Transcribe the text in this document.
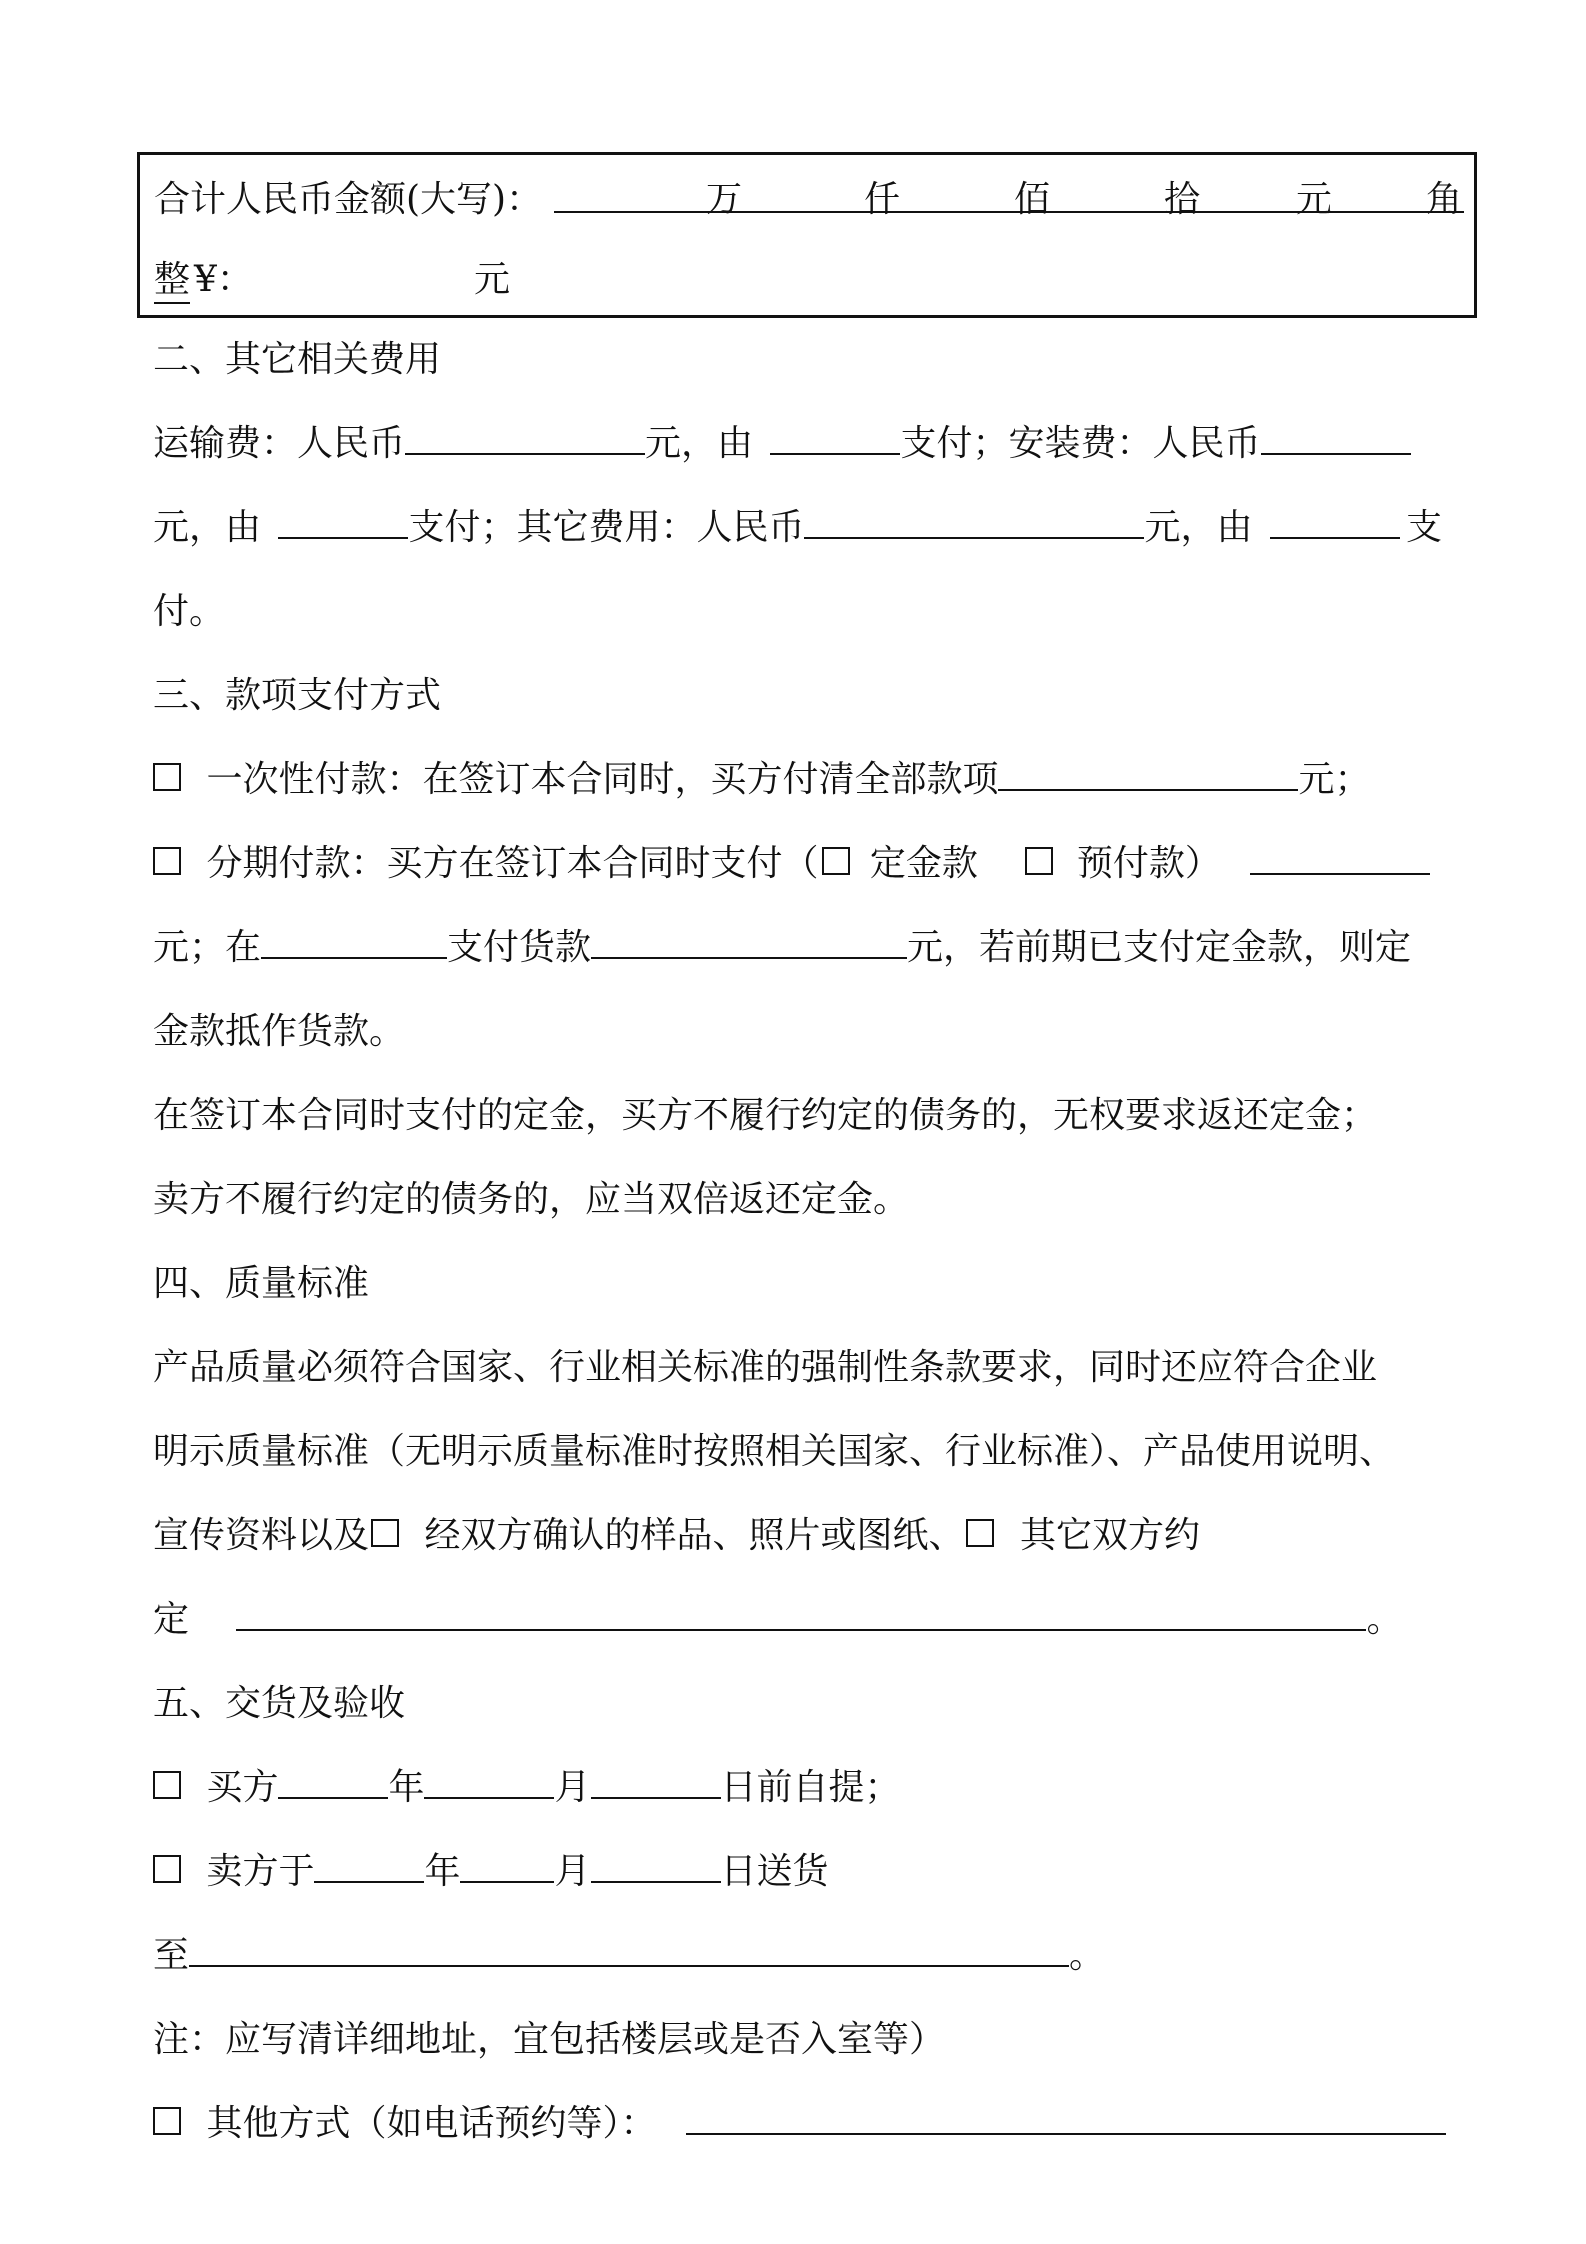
合计人民币金额(大写)：	万	仟	佰	拾	元	角
整 ¥：	元
二、其它相关费用
运输费：人民币	元，由	支付；安装费：人民币
元，由	支付；其它费用：人民币	元，由	支
付。
三、款项支付方式
一次性付款：在签订本合同时，买方付清全部款项	元；
分期付款：买方在签订本合同时支付（ 定金款	预付款）
元；在	支付货款	元，若前期已支付定金款，则定
金款抵作货款。
在签订本合同时支付的定金，买方不履行约定的债务的，无权要求返还定金；
卖方不履行约定的债务的，应当双倍返还定金。
四、质量标准
产品质量必须符合国家、行业相关标准的强制性条款要求，同时还应符合企业
明示质量标准（无明示质量标准时按照相关国家、行业标准）、产品使用说明、
宣传资料以及 经双方确认的样品、照片或图纸、 其它双方约
定	。
五、交货及验收
买方	年	月	日前自提；
卖方于	年	月	日送货
至	。
注：应写清详细地址，宜包括楼层或是否入室等）
其他方式（如电话预约等）：
